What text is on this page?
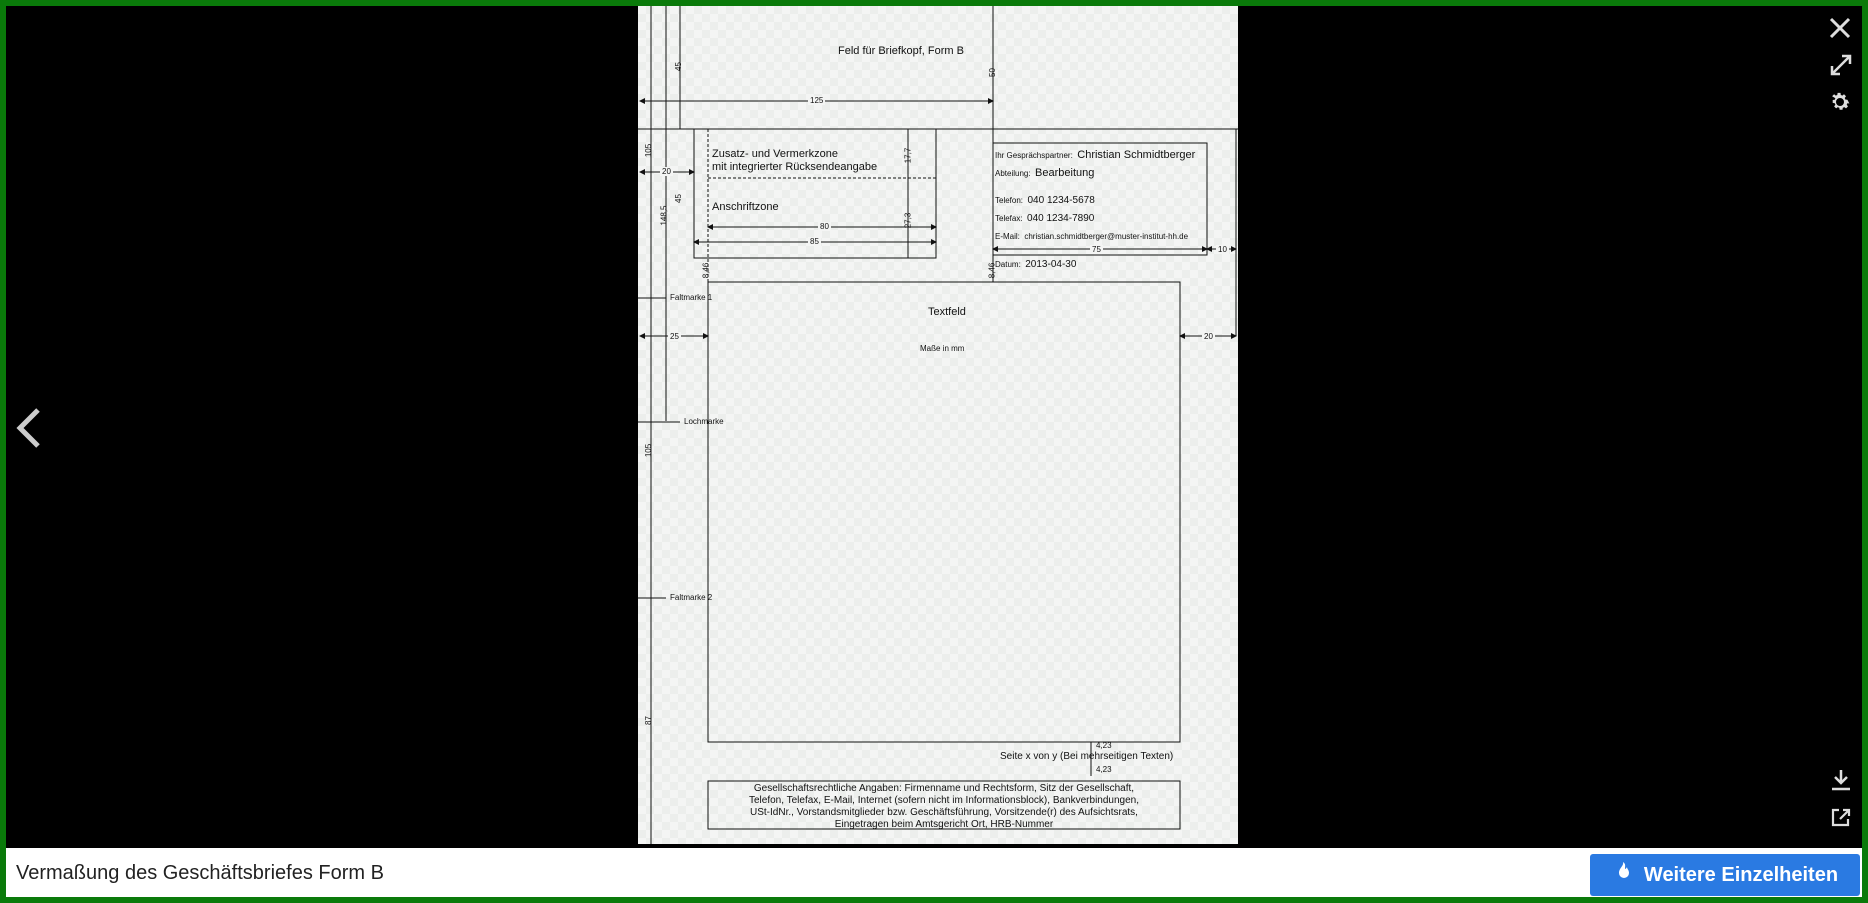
Feld für Briefkopf, Form B
45
50
125
105
20
148,5
45
Zusatz- und Vermerkzone
mit integrierter Rücksendeangabe
Anschriftzone
17,7
27,3
80
85
Ihr Gesprächspartner: Christian Schmidtberger
Abteilung: Bearbeitung
Telefon: 040 1234-5678
Telefax: 040 1234-7890
E-Mail: christian.schmidtberger@muster-institut-hh.de
Datum: 2013-04-30
75	10
8,46	8,46
Textfeld
Maße in mm
Faltmarke 1
25	20
Lochmarke
105
Faltmarke 2
87
4,23
Seite x von y (Bei mehrseitigen Texten)
4,23
Gesellschaftsrechtliche Angaben: Firmenname und Rechtsform, Sitz der Gesellschaft,
Telefon, Telefax, E-Mail, Internet (sofern nicht im Informationsblock), Bankverbindungen,
USt-IdNr., Vorstandsmitglieder bzw. Geschäftsführung, Vorsitzende(r) des Aufsichtsrats,
Eingetragen beim Amtsgericht Ort, HRB-Nummer
Vermaßung des Geschäftsbriefes Form B	Weitere Einzelheiten
